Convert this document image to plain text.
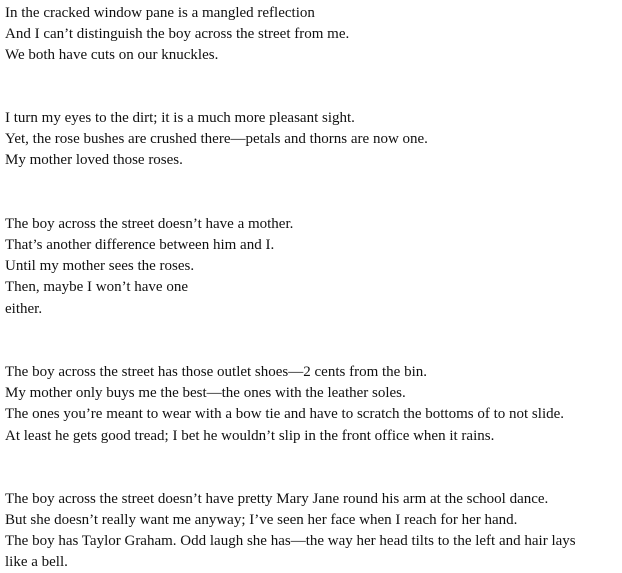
In the cracked window pane is a mangled reflection
And I can’t distinguish the boy across the street from me.
We both have cuts on our knuckles.
I turn my eyes to the dirt; it is a much more pleasant sight.
Yet, the rose bushes are crushed there—petals and thorns are now one.
My mother loved those roses.
The boy across the street doesn’t have a mother.
That’s another difference between him and I.
Until my mother sees the roses.
Then, maybe I won’t have one
either.
The boy across the street has those outlet shoes—2 cents from the bin.
My mother only buys me the best—the ones with the leather soles.
The ones you’re meant to wear with a bow tie and have to scratch the bottoms of to not slide.
At least he gets good tread; I bet he wouldn’t slip in the front office when it rains.
The boy across the street doesn’t have pretty Mary Jane round his arm at the school dance.
But she doesn’t really want me anyway; I’ve seen her face when I reach for her hand.
The boy has Taylor Graham. Odd laugh she has—the way her head tilts to the left and hair lays
like a bell.
